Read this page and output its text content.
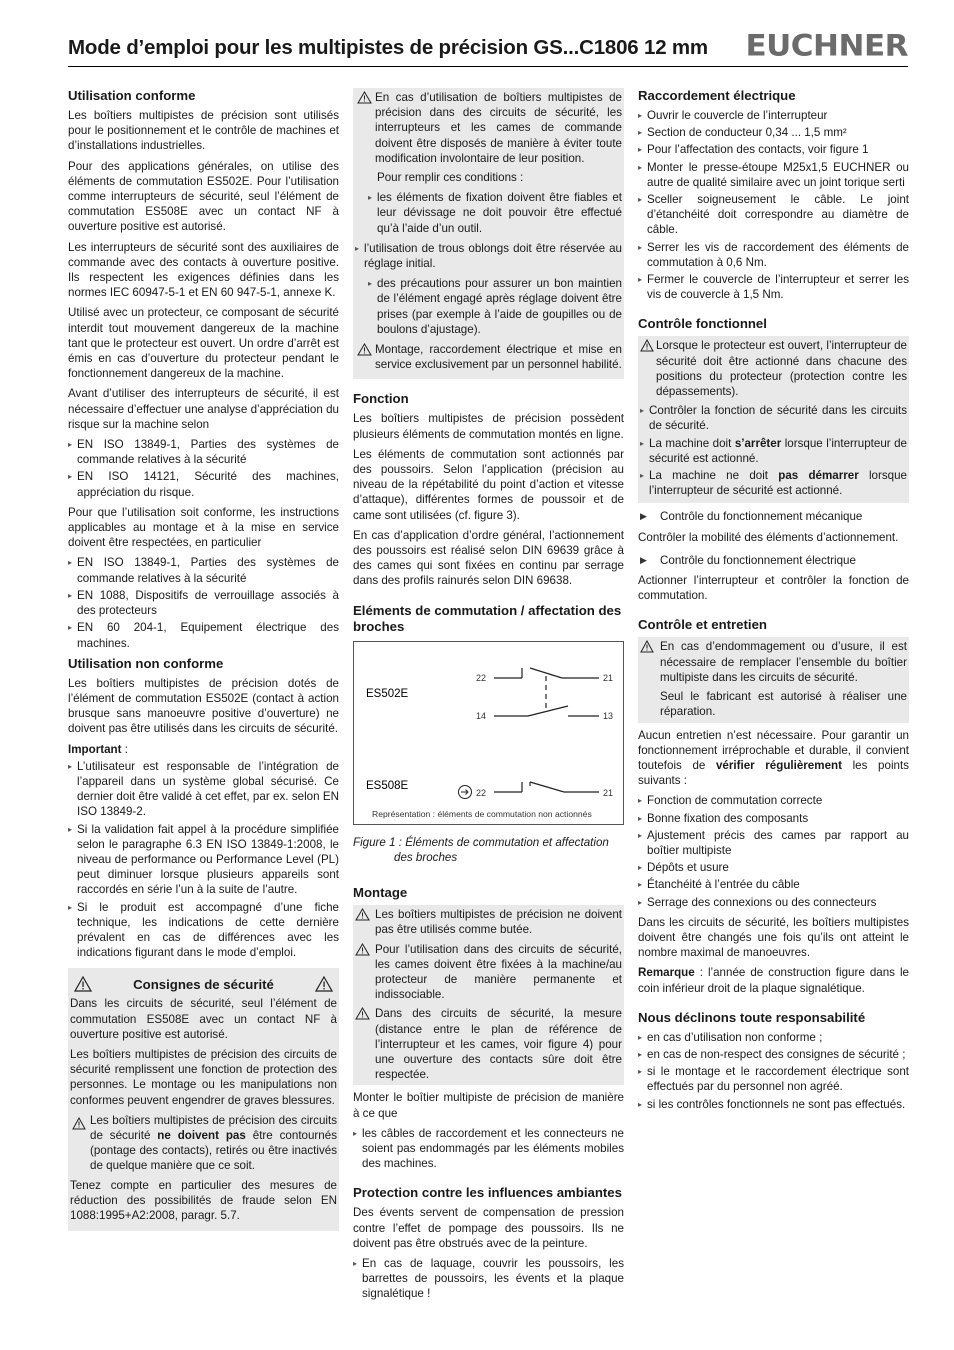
Mode d’emploi pour les multipistes de précision GS...C1806 12 mm EUCHNER
Utilisation conforme

Les boîtiers multipistes de précision sont utilisés pour le positionnement et le contrôle de machines et d’installations industrielles.

Pour des applications générales, on utilise des éléments de commutation ES502E. Pour l’utilisation comme interrupteurs de sécurité, seul l’élément de commutation ES508E avec un contact NF à ouverture positive est autorisé.

Les interrupteurs de sécurité sont des auxiliaires de commande avec des contacts à ouverture positive. Ils respectent les exigences définies dans les normes IEC 60947-5-1 et EN 60 947-5-1, annexe K.

Utilisé avec un protecteur, ce composant de sécurité interdit tout mouvement dangereux de la machine tant que le protecteur est ouvert. Un ordre d’arrêt est émis en cas d’ouverture du protecteur pendant le fonctionnement dangereux de la machine.

Avant d’utiliser des interrupteurs de sécurité, il est nécessaire d’effectuer une analyse d’appréciation du risque sur la machine selon

▸ EN ISO 13849-1, Parties des systèmes de commande relatives à la sécurité
▸ EN ISO 14121, Sécurité des machines, appréciation du risque.

Pour que l’utilisation soit conforme, les instructions applicables au montage et à la mise en service doivent être respectées, en particulier

▸ EN ISO 13849-1, Parties des systèmes de commande relatives à la sécurité
▸ EN 1088, Dispositifs de verrouillage associés à des protecteurs
▸ EN 60 204-1, Equipement électrique des machines.
Utilisation non conforme

Les boîtiers multipistes de précision dotés de l’élément de commutation ES502E (contact à action brusque sans manoeuvre positive d’ouverture) ne doivent pas être utilisés dans les circuits de sécurité.

Important :

▸ L’utilisateur est responsable de l’intégration de l’appareil dans un système global sécurisé. Ce dernier doit être validé à cet effet, par ex. selon EN ISO 13849-2.
▸ Si la validation fait appel à la procédure simplifiée selon le paragraphe 6.3 EN ISO 13849-1:2008, le niveau de performance ou Performance Level (PL) peut diminuer lorsque plusieurs appareils sont raccordés en série l’un à la suite de l’autre.
▸ Si le produit est accompagné d’une fiche technique, les indications de cette dernière prévalent en cas de différences avec les indications figurant dans le mode d’emploi.
Consignes de sécurité

Dans les circuits de sécurité, seul l’élément de commutation ES508E avec un contact NF à ouverture positive est autorisé.

Les boîtiers multipistes de précision des circuits de sécurité remplissent une fonction de protection des personnes. Le montage ou les manipulations non conformes peuvent engendrer de graves blessures.

Les boîtiers multipistes de précision des circuits de sécurité ne doivent pas être contournés (pontage des contacts), retirés ou être inactivés de quelque manière que ce soit.

Tenez compte en particulier des mesures de réduction des possibilités de fraude selon EN 1088:1995+A2:2008, paragr. 5.7.

En cas d’utilisation de boîtiers multipistes de précision dans des circuits de sécurité, les interrupteurs et les cames de commande doivent être disposés de manière à éviter toute modification involontaire de leur position.

Pour remplir ces conditions :

▸ les éléments de fixation doivent être fiables et leur dévissage ne doit pouvoir être effectué qu’à l’aide d’un outil.
▸ l’utilisation de trous oblongs doit être réservée au réglage initial.
▸ des précautions pour assurer un bon maintien de l’élément engagé après réglage doivent être prises (par exemple à l’aide de goupilles ou de boulons d’ajustage).
Montage, raccordement électrique et mise en service exclusivement par un personnel habilité.
Fonction

Les boîtiers multipistes de précision possèdent plusieurs éléments de commutation montés en ligne.

Les éléments de commutation sont actionnés par des poussoirs. Selon l’application (précision au niveau de la répétabilité du point d’action et vitesse d’attaque), différentes formes de poussoir et de came sont utilisées (cf. figure 3).

En cas d’application d’ordre général, l’actionnement des poussoirs est réalisé selon DIN 69639 grâce à des cames qui sont fixées en continu par serrage dans des profils rainurés selon DIN 69638.

Eléments de commutation / affectation des broches
ES502E
ES508E
22	21
14	13
22	21
Représentation : éléments de commutation non actionnés

Figure 1 : Éléments de commutation et affectation
des broches

Montage
Les boîtiers multipistes de précision ne doivent pas être utilisés comme butée.
Pour l’utilisation dans des circuits de sécurité, les cames doivent être fixées à la machine/au protecteur de manière permanente et indissociable.
Dans des circuits de sécurité, la mesure (distance entre le plan de référence de l’interrupteur et les cames, voir figure 4) pour une ouverture des contacts sûre doit être respectée.

Monter le boîtier multipiste de précision de manière à ce que

▸ les câbles de raccordement et les connecteurs ne soient pas endommagés par les éléments mobiles des machines.
Protection contre les influences ambiantes

Des évents servent de compensation de pression contre l’effet de pompage des poussoirs. Ils ne doivent pas être obstrués avec de la peinture.

▸ En cas de laquage, couvrir les poussoirs, les barrettes de poussoirs, les évents et la plaque signalétique !
Raccordement électrique
▸ Ouvrir le couvercle de l’interrupteur
▸ Section de conducteur 0,34 ... 1,5 mm²
▸ Pour l’affectation des contacts, voir figure 1
▸ Monter le presse-étoupe M25x1,5 EUCHNER ou autre de qualité similaire avec un joint torique serti
▸ Sceller soigneusement le câble. Le joint d’étanchéité doit correspondre au diamètre de câble.
▸ Serrer les vis de raccordement des éléments de commutation à 0,6 Nm.
▸ Fermer le couvercle de l’interrupteur et serrer les vis de couvercle à 1,5 Nm.
Contrôle fonctionnel
Lorsque le protecteur est ouvert, l’interrupteur de sécurité doit être actionné dans chacune des positions du protecteur (protection contre les dépassements).
▸ Contrôler la fonction de sécurité dans les circuits de sécurité.
▸ La machine doit s’arrêter lorsque l’interrupteur de sécurité est actionné.
▸ La machine ne doit pas démarrer lorsque l’interrupteur de sécurité est actionné.
▶ Contrôle du fonctionnement mécanique

Contrôler la mobilité des éléments d’actionnement.

▶ Contrôle du fonctionnement électrique

Actionner l’interrupteur et contrôler la fonction de commutation.

Contrôle et entretien
En cas d’endommagement ou d’usure, il est nécessaire de remplacer l’ensemble du boîtier multipiste dans les circuits de sécurité.

Seul le fabricant est autorisé à réaliser une réparation.

Aucun entretien n’est nécessaire. Pour garantir un fonctionnement irréprochable et durable, il convient toutefois de vérifier régulièrement les points suivants :

▸ Fonction de commutation correcte
▸ Bonne fixation des composants
▸ Ajustement précis des cames par rapport au boîtier multipiste
▸ Dépôts et usure
▸ Étanchéité à l’entrée du câble
▸ Serrage des connexions ou des connecteurs

Dans les circuits de sécurité, les boîtiers multipistes doivent être changés une fois qu’ils ont atteint le nombre maximal de manoeuvres.

Remarque : l’année de construction figure dans le coin inférieur droit de la plaque signalétique.

Nous déclinons toute responsabilité
▸ en cas d’utilisation non conforme ;
▸ en cas de non-respect des consignes de sécurité ;
▸ si le montage et le raccordement électrique sont effectués par du personnel non agréé.
▸ si les contrôles fonctionnels ne sont pas effectués.
